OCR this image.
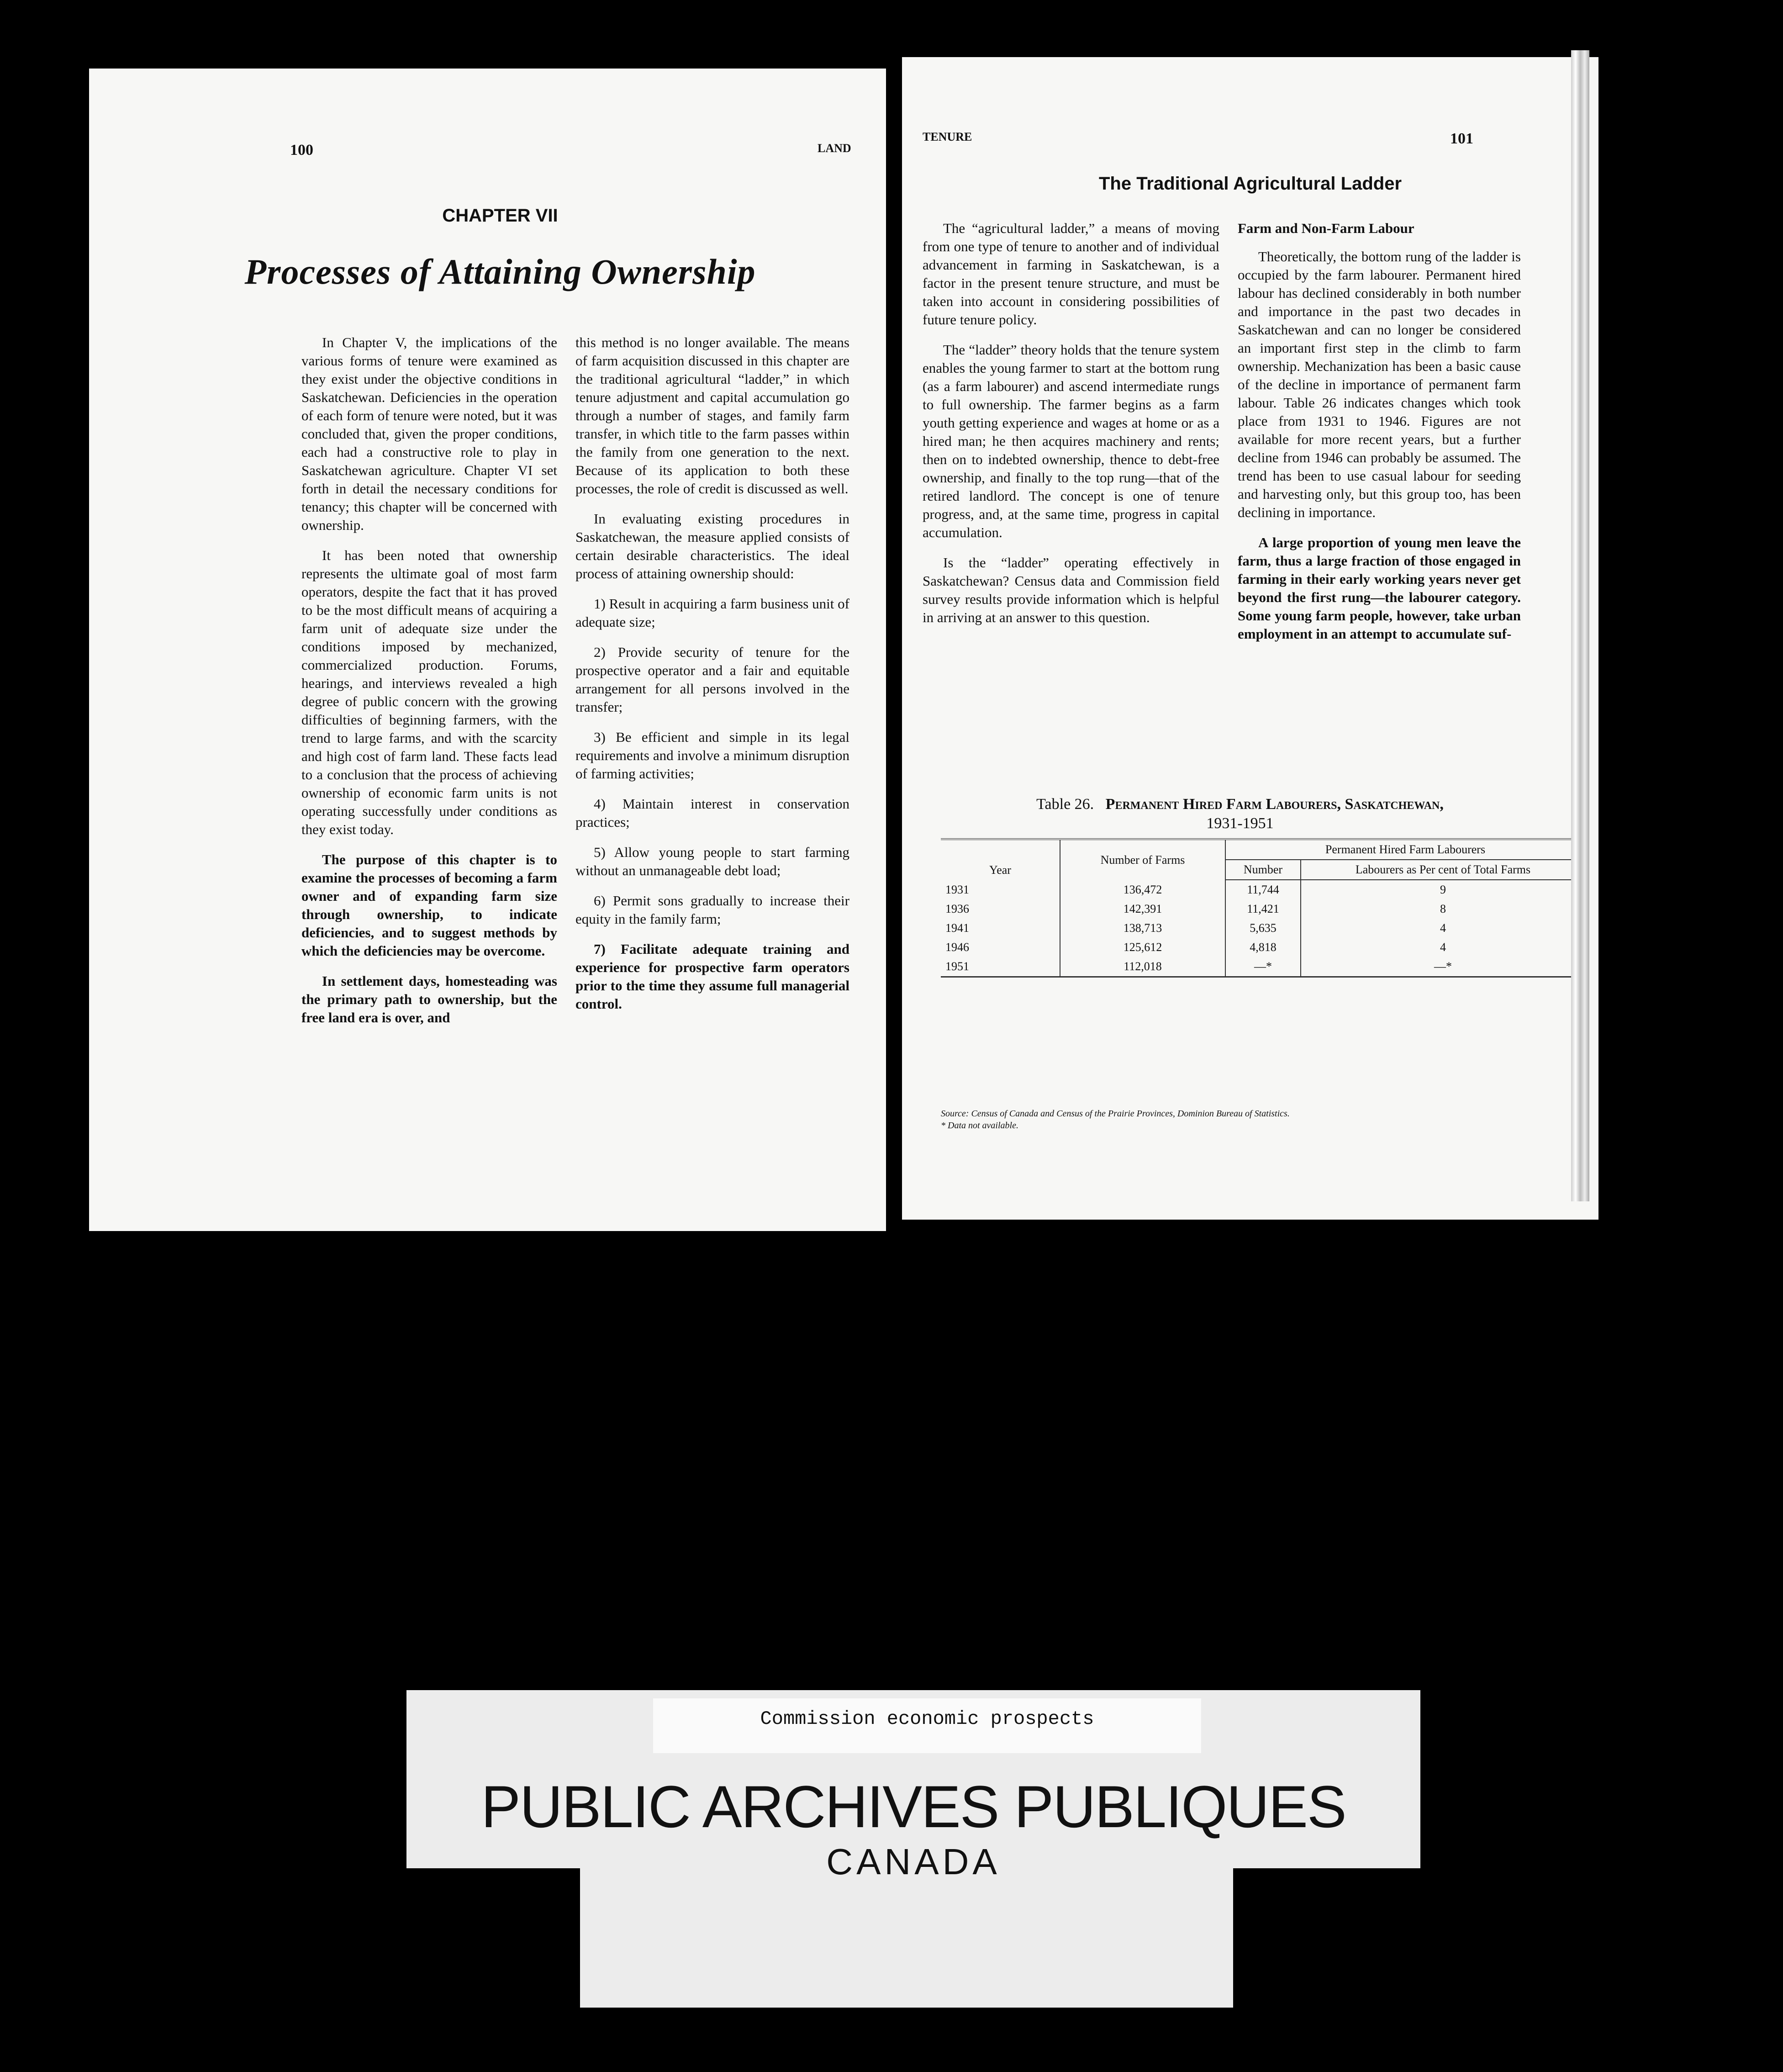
100	LAND
CHAPTER VII
Processes of Attaining Ownership

In Chapter V, the implications of the various forms of tenure were examined as they exist under the objective conditions in Saskatchewan. Deficiencies in the operation of each form of tenure were noted, but it was concluded that, given the proper conditions, each had a constructive role to play in Saskatchewan agriculture. Chapter VI set forth in detail the necessary conditions for tenancy; this chapter will be concerned with ownership.

It has been noted that ownership represents the ultimate goal of most farm operators, despite the fact that it has proved to be the most difficult means of acquiring a farm unit of adequate size under the conditions imposed by mechanized, commercialized production. Forums, hearings, and interviews revealed a high degree of public concern with the growing difficulties of beginning farmers, with the trend to large farms, and with the scarcity and high cost of farm land. These facts lead to a conclusion that the process of achieving ownership of economic farm units is not operating successfully under conditions as they exist today.

The purpose of this chapter is to examine the processes of becoming a farm owner and of expanding farm size through ownership, to indicate deficiencies, and to suggest methods by which the deficiencies may be overcome.

In settlement days, homesteading was the primary path to ownership, but the free land era is over, and

this method is no longer available. The means of farm acquisition discussed in this chapter are the traditional agricultural “ladder,” in which tenure adjustment and capital accumulation go through a number of stages, and family farm transfer, in which title to the farm passes within the family from one generation to the next. Because of its application to both these processes, the role of credit is discussed as well.

In evaluating existing procedures in Saskatchewan, the measure applied consists of certain desirable characteristics. The ideal process of attaining ownership should:

1) Result in acquiring a farm business unit of adequate size;

2) Provide security of tenure for the prospective operator and a fair and equitable arrangement for all persons involved in the transfer;

3) Be efficient and simple in its legal requirements and involve a minimum disruption of farming activities;

4) Maintain interest in conservation practices;

5) Allow young people to start farming without an unmanageable debt load;

6) Permit sons gradually to increase their equity in the family farm;

7) Facilitate adequate training and experience for prospective farm operators prior to the time they assume full managerial control.

TENURE	101
The Traditional Agricultural Ladder

The “agricultural ladder,” a means of moving from one type of tenure to another and of individual advancement in farming in Saskatchewan, is a factor in the present tenure structure, and must be taken into account in considering possibilities of future tenure policy.

The “ladder” theory holds that the tenure system enables the young farmer to start at the bottom rung (as a farm labourer) and ascend intermediate rungs to full ownership. The farmer begins as a farm youth getting experience and wages at home or as a hired man; he then acquires machinery and rents; then on to indebted ownership, thence to debt-free ownership, and finally to the top rung—that of the retired landlord. The concept is one of tenure progress, and, at the same time, progress in capital accumulation.

Is the “ladder” operating effectively in Saskatchewan? Census data and Commission field survey results provide information which is helpful in arriving at an answer to this question.

Farm and Non-Farm Labour

Theoretically, the bottom rung of the ladder is occupied by the farm labourer. Permanent hired labour has declined considerably in both number and importance in the past two decades in Saskatchewan and can no longer be considered an important first step in the climb to farm ownership. Mechanization has been a basic cause of the decline in importance of permanent farm labour. Table 26 indicates changes which took place from 1931 to 1946. Figures are not available for more recent years, but a further decline from 1946 can probably be assumed. The trend has been to use casual labour for seeding and harvesting only, but this group too, has been declining in importance.

A large proportion of young men leave the farm, thus a large fraction of those engaged in farming in their early working years never get beyond the first rung—the labourer category. Some young farm people, however, take urban employment in an attempt to accumulate suf-

Table 26. Permanent Hired Farm Labourers, Saskatchewan,
1931-1951
Year	Number of Farms	Permanent Hired Farm Labourers	
		Number	Labourers as Per cent of Total Farms
1931	136,472	11,744	9
1936	142,391	11,421	8
1941	138,713	5,635	4
1946	125,612	4,818	4
1951	112,018	—*	—*
Source: Census of Canada and Census of the Prairie Provinces, Dominion Bureau of Statistics.
* Data not available.
Commission economic prospects
PUBLIC ARCHIVES PUBLIQUES
CANADA
